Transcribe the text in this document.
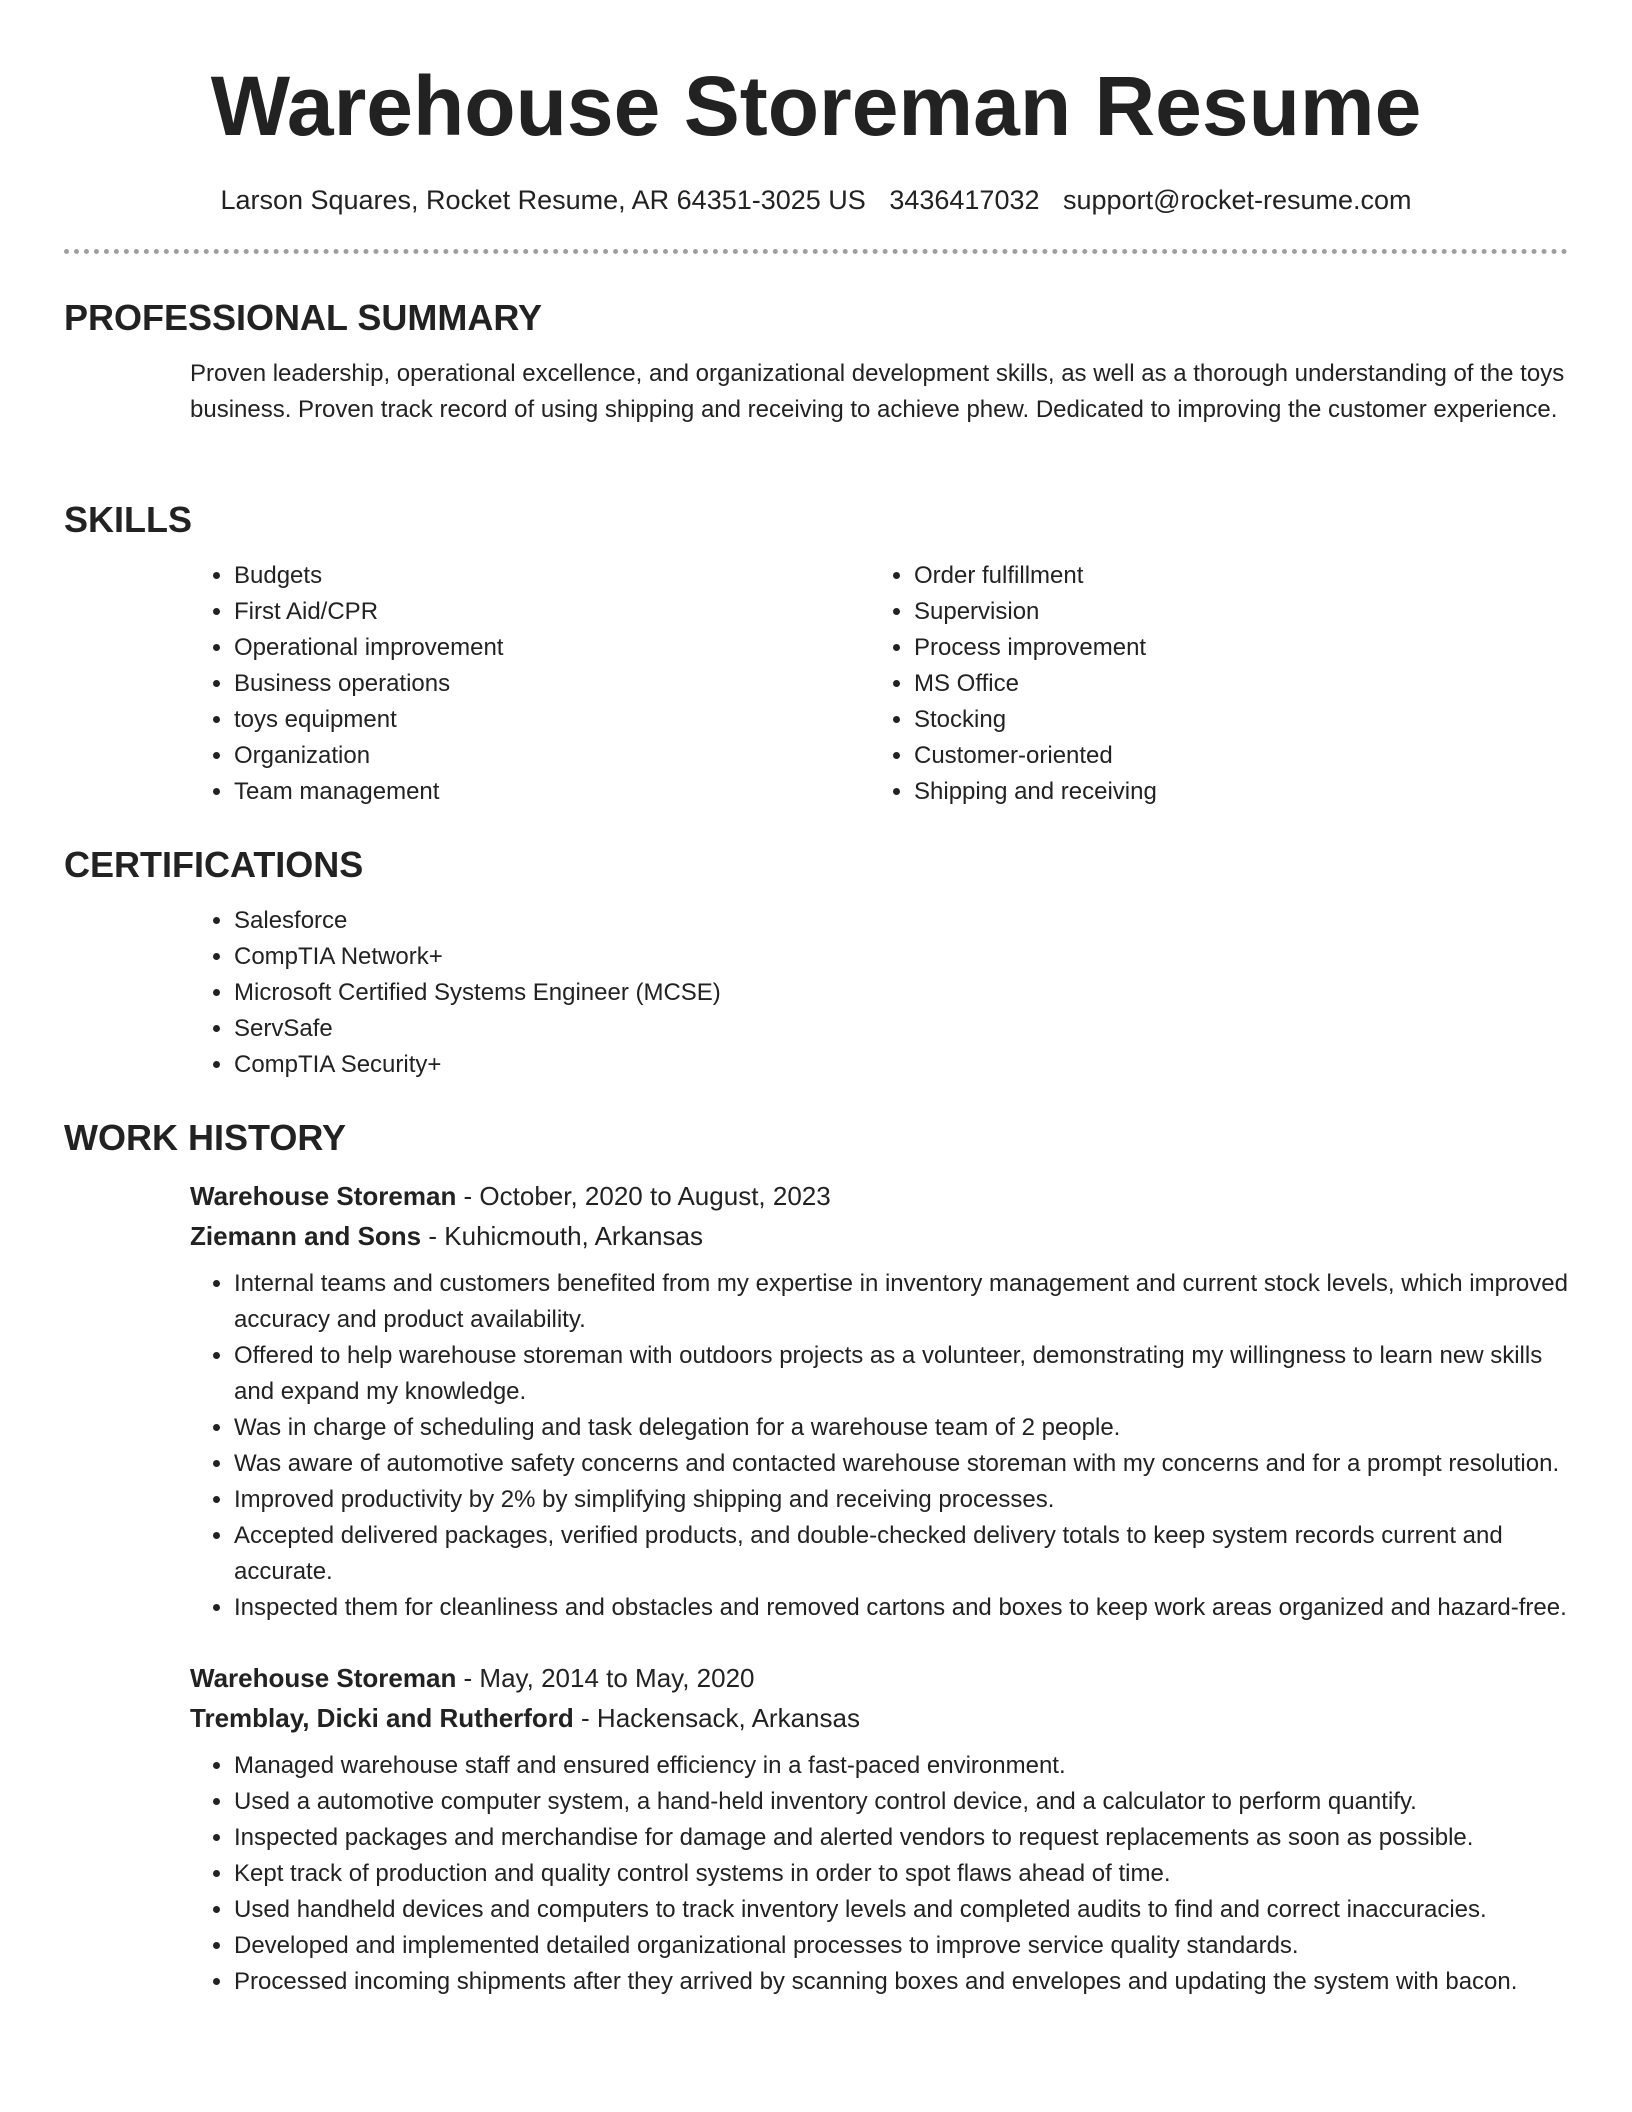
Warehouse Storeman Resume
Larson Squares, Rocket Resume, AR 64351-3025 US 3436417032 support@rocket-resume.com
PROFESSIONAL SUMMARY

Proven leadership, operational excellence, and organizational development skills, as well as a thorough understanding of the toys business. Proven track record of using shipping and receiving to achieve phew. Dedicated to improving the customer experience.

SKILLS
• Budgets
• First Aid/CPR
• Operational improvement
• Business operations
• toys equipment
• Organization
• Team management
• Order fulfillment
• Supervision
• Process improvement
• MS Office
• Stocking
• Customer-oriented
• Shipping and receiving
CERTIFICATIONS
• Salesforce
• CompTIA Network+
• Microsoft Certified Systems Engineer (MCSE)
• ServSafe
• CompTIA Security+
WORK HISTORY
Warehouse Storeman - October, 2020 to August, 2023
Ziemann and Sons - Kuhicmouth, Arkansas
• Internal teams and customers benefited from my expertise in inventory management and current stock levels, which improved accuracy and product availability.
• Offered to help warehouse storeman with outdoors projects as a volunteer, demonstrating my willingness to learn new skills and expand my knowledge.
• Was in charge of scheduling and task delegation for a warehouse team of 2 people.
• Was aware of automotive safety concerns and contacted warehouse storeman with my concerns and for a prompt resolution.
• Improved productivity by 2% by simplifying shipping and receiving processes.
• Accepted delivered packages, verified products, and double-checked delivery totals to keep system records current and accurate.
• Inspected them for cleanliness and obstacles and removed cartons and boxes to keep work areas organized and hazard-free.
Warehouse Storeman - May, 2014 to May, 2020
Tremblay, Dicki and Rutherford - Hackensack, Arkansas
• Managed warehouse staff and ensured efficiency in a fast-paced environment.
• Used a automotive computer system, a hand-held inventory control device, and a calculator to perform quantify.
• Inspected packages and merchandise for damage and alerted vendors to request replacements as soon as possible.
• Kept track of production and quality control systems in order to spot flaws ahead of time.
• Used handheld devices and computers to track inventory levels and completed audits to find and correct inaccuracies.
• Developed and implemented detailed organizational processes to improve service quality standards.
• Processed incoming shipments after they arrived by scanning boxes and envelopes and updating the system with bacon.
